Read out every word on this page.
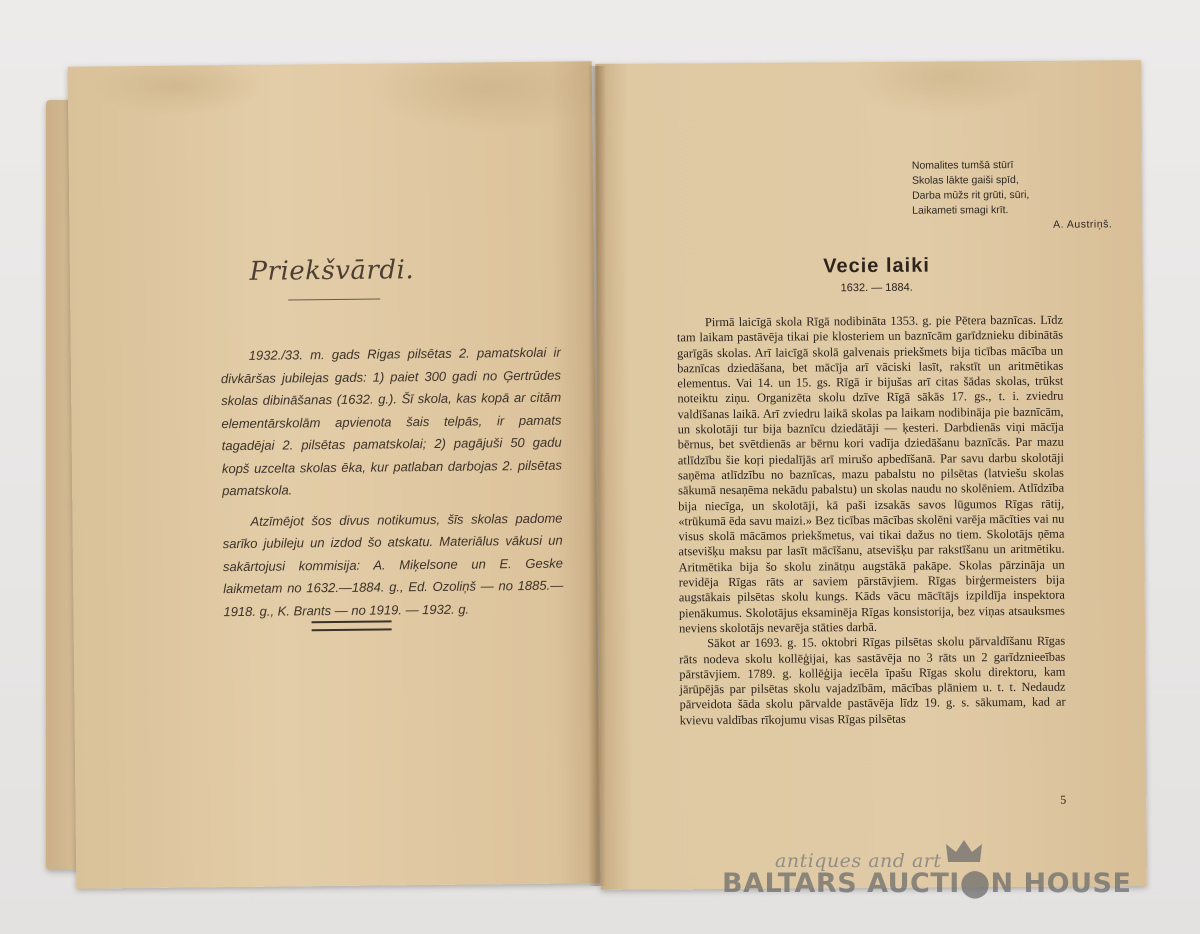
Priekšvārdi.

1932./33. m. gads Rigas pilsētas 2. pamatskolai ir divkāršas jubilejas gads: 1) paiet 300 gadi no Ģertrūdes skolas dibināšanas (1632. g.). Šī skola, kas kopā ar citām elementārskolām apvienota šais telpās, ir pamats tagadējai 2. pilsētas pamatskolai; 2) pagājuši 50 gadu kopš uzcelta skolas ēka, kur patlaban darbojas 2. pilsētas pamatskola.

Atzīmējot šos divus notikumus, šīs skolas padome sarīko jubileju un izdod šo atskatu. Materiālus vākusi un sakārtojusi kommisija: A. Miķelsone un E. Geske laikmetam no 1632.—1884. g., Ed. Ozoliņš — no 1885.—1918. g., K. Brants — no 1919. — 1932. g.

Nomalites tumšā stūrī
Skolas lākte gaiši spīd,
Darba mūžs rit grūti, sūri,
Laikameti smagi krīt.
A. Austriņš.
Vecie laiki
1632. — 1884.

Pirmā laicīgā skola Rīgā nodibināta 1353. g. pie Pētera baznīcas. Līdz tam laikam pastāvēja tikai pie klosteriem un baznīcām garīdznieku dibinātās garīgās skolas. Arī laicīgā skolā galvenais priekšmets bija ticības mācība un baznīcas dziedāšana, bet mācīja arī vāciski lasīt, rakstīt un aritmētikas elementus. Vai 14. un 15. gs. Rīgā ir bijušas arī citas šādas skolas, trūkst noteiktu ziņu. Organizēta skolu dzīve Rīgā sākās 17. gs., t. i. zviedru valdīšanas laikā. Arī zviedru laikā skolas pa laikam nodibināja pie baznīcām, un skolotāji tur bija baznīcu dziedātāji — ķesteri. Darbdienās viņi mācīja bērnus, bet svētdienās ar bērnu kori vadīja dziedāšanu baznīcās. Par mazu atlīdzību šie koŗi piedalījās arī mirušo apbedīšanā. Par savu darbu skolotāji saņēma atlīdzību no baznīcas, mazu pabalstu no pilsētas (latviešu skolas sākumā nesaņēma nekādu pabalstu) un skolas naudu no skolēniem. Atlīdzība bija niecīga, un skolotāji, kā paši izsakās savos lūgumos Rīgas rātij, «trūkumā ēda savu maizi.» Bez ticības mācības skolēni varēja mācīties vai nu visus skolā mācāmos priekšmetus, vai tikai dažus no tiem. Skolotājs ņēma atsevišķu maksu par lasīt mācīšanu, atsevišķu par rakstīšanu un aritmētiku. Aritmētika bija šo skolu zinātņu augstākā pakāpe. Skolas pārzināja un revidēja Rīgas rāts ar saviem pārstāvjiem. Rīgas birģermeisters bija augstākais pilsētas skolu kungs. Kāds vācu mācītājs izpildīja inspektora pienākumus. Skolotājus eksaminēja Rīgas konsistorija, bez viņas atsauksmes neviens skolotājs nevarēja stāties darbā.

Sākot ar 1693. g. 15. oktobri Rīgas pilsētas skolu pārvaldīšanu Rīgas rāts nodeva skolu kollēģijai, kas sastāvēja no 3 rāts un 2 garīdznieeības pārstāvjiem. 1789. g. kollēģija iecēla īpašu Rīgas skolu direktoru, kam jārūpējās par pilsētas skolu vajadzībām, mācības plāniem u. t. t. Nedaudz pārveidota šāda skolu pārvalde pastāvēja līdz 19. g. s. sākumam, kad ar kvievu valdības rīkojumu visas Rīgas pilsētas

5
antiques and art
BALTARS AUCTI⬤N HOUSE
